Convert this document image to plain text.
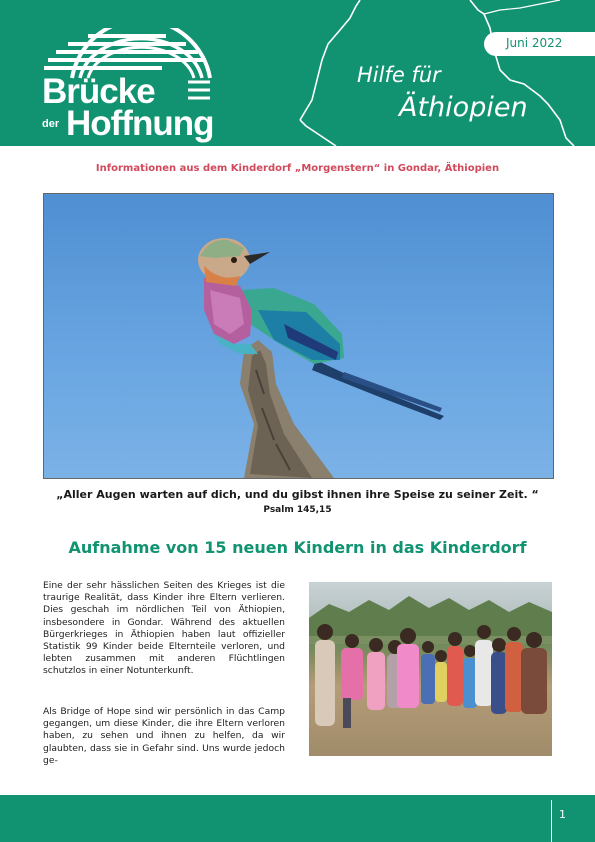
Brücke
der Hoffnung
Juni 2022
Hilfe für
Äthiopien
Informationen aus dem Kinderdorf „Morgenstern“ in Gondar, Äthiopien
„Aller Augen warten auf dich, und du gibst ihnen ihre Speise zu seiner Zeit. “
Psalm 145,15
Aufnahme von 15 neuen Kindern in das Kinderdorf
Eine der sehr hässlichen Seiten des Krieges ist die traurige Realität, dass Kinder ihre Eltern verlieren. Dies geschah im nördlichen Teil von Äthiopien, insbesondere in Gondar. Während des aktuellen Bürgerkrieges in Äthiopien haben laut offizieller Statistik 99 Kinder beide Elternteile verloren, und lebten zusammen mit anderen Flüchtlingen schutzlos in einer Notunterkunft.
Als Bridge of Hope sind wir persönlich in das Camp gegangen, um diese Kinder, die ihre Eltern verloren haben, zu sehen und ihnen zu helfen, da wir glaubten, dass sie in Gefahr sind. Uns wurde jedoch ge-
1
